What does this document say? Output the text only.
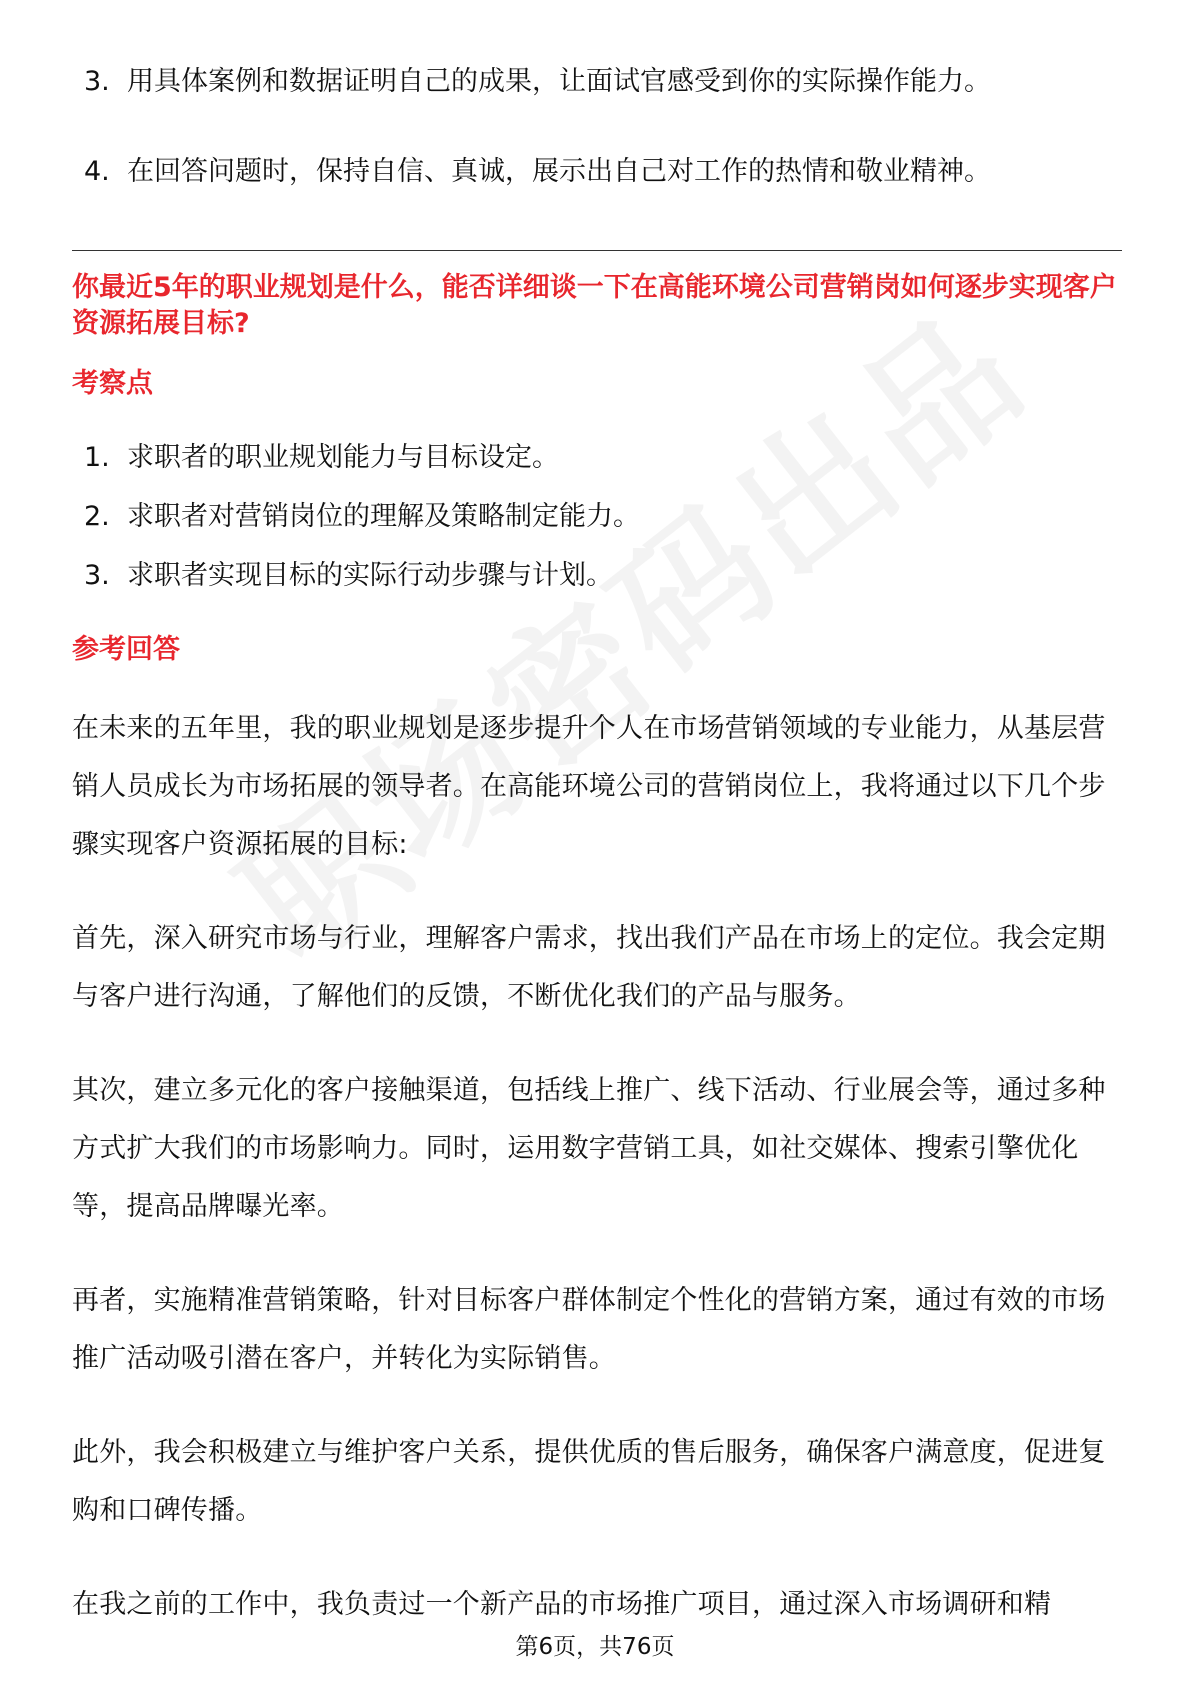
3. 用具体案例和数据证明自己的成果，让面试官感受到你的实际操作能力。
4. 在回答问题时，保持自信、真诚，展示出自己对工作的热情和敬业精神。
你最近5年的职业规划是什么，能否详细谈一下在高能环境公司营销岗如何逐步实现客户资源拓展目标?
考察点
1. 求职者的职业规划能力与目标设定。
2. 求职者对营销岗位的理解及策略制定能力。
3. 求职者实现目标的实际行动步骤与计划。
参考回答

在未来的五年里，我的职业规划是逐步提升个人在市场营销领域的专业能力，从基层营销人员成长为市场拓展的领导者。在高能环境公司的营销岗位上，我将通过以下几个步骤实现客户资源拓展的目标:

首先，深入研究市场与行业，理解客户需求，找出我们产品在市场上的定位。我会定期与客户进行沟通，了解他们的反馈，不断优化我们的产品与服务。

其次，建立多元化的客户接触渠道，包括线上推广、线下活动、行业展会等，通过多种方式扩大我们的市场影响力。同时，运用数字营销工具，如社交媒体、搜索引擎优化等，提高品牌曝光率。

再者，实施精准营销策略，针对目标客户群体制定个性化的营销方案，通过有效的市场推广活动吸引潜在客户，并转化为实际销售。

此外，我会积极建立与维护客户关系，提供优质的售后服务，确保客户满意度，促进复购和口碑传播。

在我之前的工作中，我负责过一个新产品的市场推广项目，通过深入市场调研和精

第6页，共76页
